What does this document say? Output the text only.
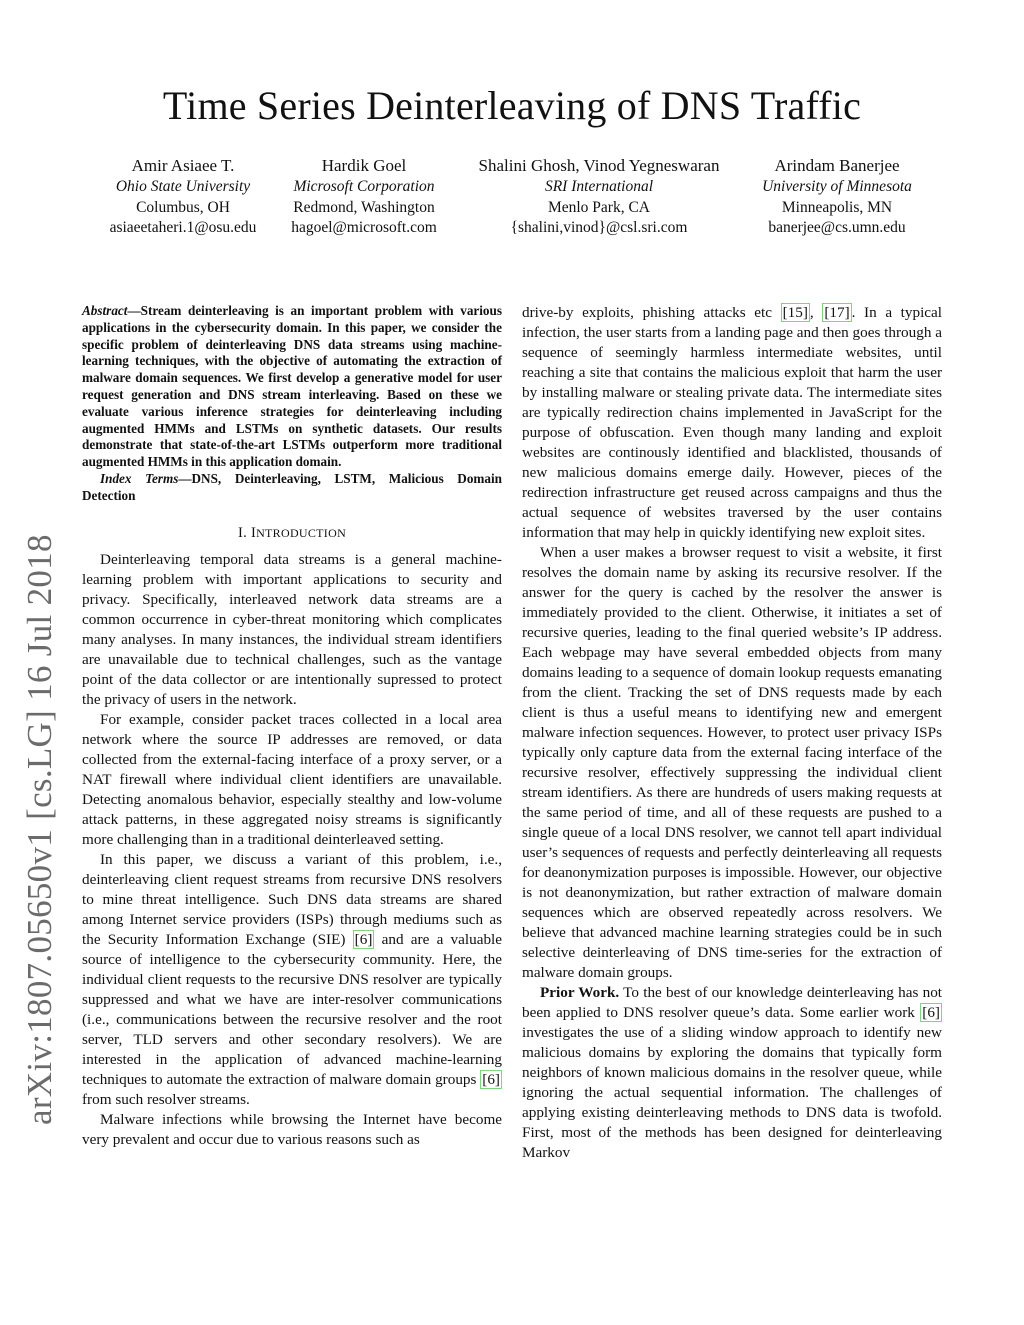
arXiv:1807.05650v1 [cs.LG] 16 Jul 2018
Time Series Deinterleaving of DNS Traffic
Amir Asiaee T.
Ohio State University
Columbus, OH
asiaeetaheri.1@osu.edu
Hardik Goel
Microsoft Corporation
Redmond, Washington
hagoel@microsoft.com
Shalini Ghosh, Vinod Yegneswaran
SRI International
Menlo Park, CA
{shalini,vinod}@csl.sri.com
Arindam Banerjee
University of Minnesota
Minneapolis, MN
banerjee@cs.umn.edu

Abstract—Stream deinterleaving is an important problem with various applications in the cybersecurity domain. In this paper, we consider the specific problem of deinterleaving DNS data streams using machine-learning techniques, with the objective of automating the extraction of malware domain sequences. We first develop a generative model for user request generation and DNS stream interleaving. Based on these we evaluate various inference strategies for deinterleaving including augmented HMMs and LSTMs on synthetic datasets. Our results demonstrate that state-of-the-art LSTMs outperform more traditional augmented HMMs in this application domain.

Index Terms—DNS, Deinterleaving, LSTM, Malicious Domain Detection

I. INTRODUCTION

Deinterleaving temporal data streams is a general machine-learning problem with important applications to security and privacy. Specifically, interleaved network data streams are a common occurrence in cyber-threat monitoring which complicates many analyses. In many instances, the individual stream identifiers are unavailable due to technical challenges, such as the vantage point of the data collector or are intentionally supressed to protect the privacy of users in the network.

For example, consider packet traces collected in a local area network where the source IP addresses are removed, or data collected from the external-facing interface of a proxy server, or a NAT firewall where individual client identifiers are unavailable. Detecting anomalous behavior, especially stealthy and low-volume attack patterns, in these aggregated noisy streams is significantly more challenging than in a traditional deinterleaved setting.

In this paper, we discuss a variant of this problem, i.e., deinterleaving client request streams from recursive DNS resolvers to mine threat intelligence. Such DNS data streams are shared among Internet service providers (ISPs) through mediums such as the Security Information Exchange (SIE) [6] and are a valuable source of intelligence to the cybersecurity community. Here, the individual client requests to the recursive DNS resolver are typically suppressed and what we have are inter-resolver communications (i.e., communications between the recursive resolver and the root server, TLD servers and other secondary resolvers). We are interested in the application of advanced machine-learning techniques to automate the extraction of malware domain groups [6] from such resolver streams.

Malware infections while browsing the Internet have become very prevalent and occur due to various reasons such as

drive-by exploits, phishing attacks etc [15] , [17] . In a typical infection, the user starts from a landing page and then goes through a sequence of seemingly harmless intermediate websites, until reaching a site that contains the malicious exploit that harm the user by installing malware or stealing private data. The intermediate sites are typically redirection chains implemented in JavaScript for the purpose of obfuscation. Even though many landing and exploit websites are continously identified and blacklisted, thousands of new malicious domains emerge daily. However, pieces of the redirection infrastructure get reused across campaigns and thus the actual sequence of websites traversed by the user contains information that may help in quickly identifying new exploit sites.

When a user makes a browser request to visit a website, it first resolves the domain name by asking its recursive resolver. If the answer for the query is cached by the resolver the answer is immediately provided to the client. Otherwise, it initiates a set of recursive queries, leading to the final queried website’s IP address. Each webpage may have several embedded objects from many domains leading to a sequence of domain lookup requests emanating from the client. Tracking the set of DNS requests made by each client is thus a useful means to identifying new and emergent malware infection sequences. However, to protect user privacy ISPs typically only capture data from the external facing interface of the recursive resolver, effectively suppressing the individual client stream identifiers. As there are hundreds of users making requests at the same period of time, and all of these requests are pushed to a single queue of a local DNS resolver, we cannot tell apart individual user’s sequences of requests and perfectly deinterleaving all requests for deanonymization purposes is impossible. However, our objective is not deanonymization, but rather extraction of malware domain sequences which are observed repeatedly across resolvers. We believe that advanced machine learning strategies could be in such selective deinterleaving of DNS time-series for the extraction of malware domain groups.

Prior Work. To the best of our knowledge deinterleaving has not been applied to DNS resolver queue’s data. Some earlier work [6] investigates the use of a sliding window approach to identify new malicious domains by exploring the domains that typically form neighbors of known malicious domains in the resolver queue, while ignoring the actual sequential information. The challenges of applying existing deinterleaving methods to DNS data is twofold. First, most of the methods has been designed for deinterleaving Markov
